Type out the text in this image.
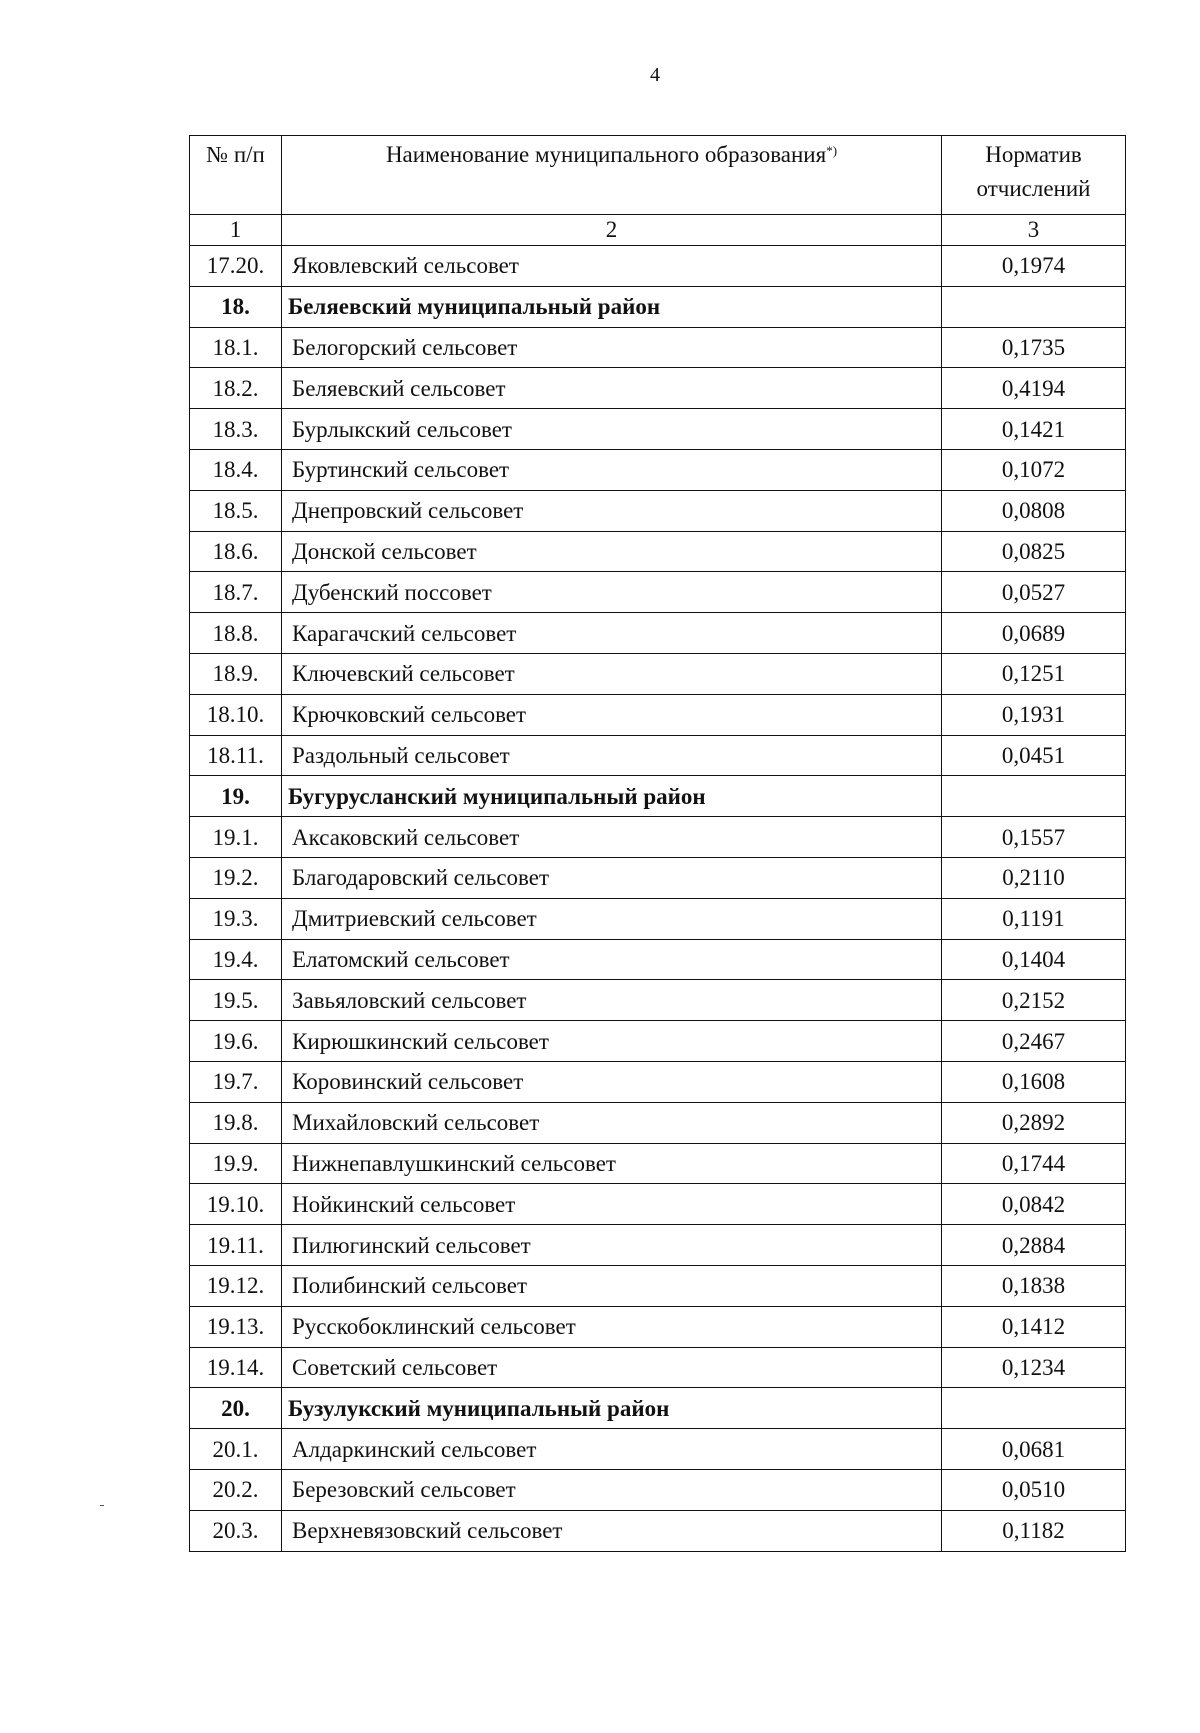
4
№ п/п	Наименование муниципального образования*)	Норматив отчислений
1	2	3
17.20.	Яковлевский сельсовет	0,1974
18.	Беляевский муниципальный район	
18.1.	Белогорский сельсовет	0,1735
18.2.	Беляевский сельсовет	0,4194
18.3.	Бурлыкский сельсовет	0,1421
18.4.	Буртинский сельсовет	0,1072
18.5.	Днепровский сельсовет	0,0808
18.6.	Донской сельсовет	0,0825
18.7.	Дубенский поссовет	0,0527
18.8.	Карагачский сельсовет	0,0689
18.9.	Ключевский сельсовет	0,1251
18.10.	Крючковский сельсовет	0,1931
18.11.	Раздольный сельсовет	0,0451
19.	Бугурусланский муниципальный район	
19.1.	Аксаковский сельсовет	0,1557
19.2.	Благодаровский сельсовет	0,2110
19.3.	Дмитриевский сельсовет	0,1191
19.4.	Елатомский сельсовет	0,1404
19.5.	Завьяловский сельсовет	0,2152
19.6.	Кирюшкинский сельсовет	0,2467
19.7.	Коровинский сельсовет	0,1608
19.8.	Михайловский сельсовет	0,2892
19.9.	Нижнепавлушкинский сельсовет	0,1744
19.10.	Нойкинский сельсовет	0,0842
19.11.	Пилюгинский сельсовет	0,2884
19.12.	Полибинский сельсовет	0,1838
19.13.	Русскобоклинский сельсовет	0,1412
19.14.	Советский сельсовет	0,1234
20.	Бузулукский муниципальный район	
20.1.	Алдаркинский сельсовет	0,0681
20.2.	Березовский сельсовет	0,0510
20.3.	Верхневязовский сельсовет	0,1182
